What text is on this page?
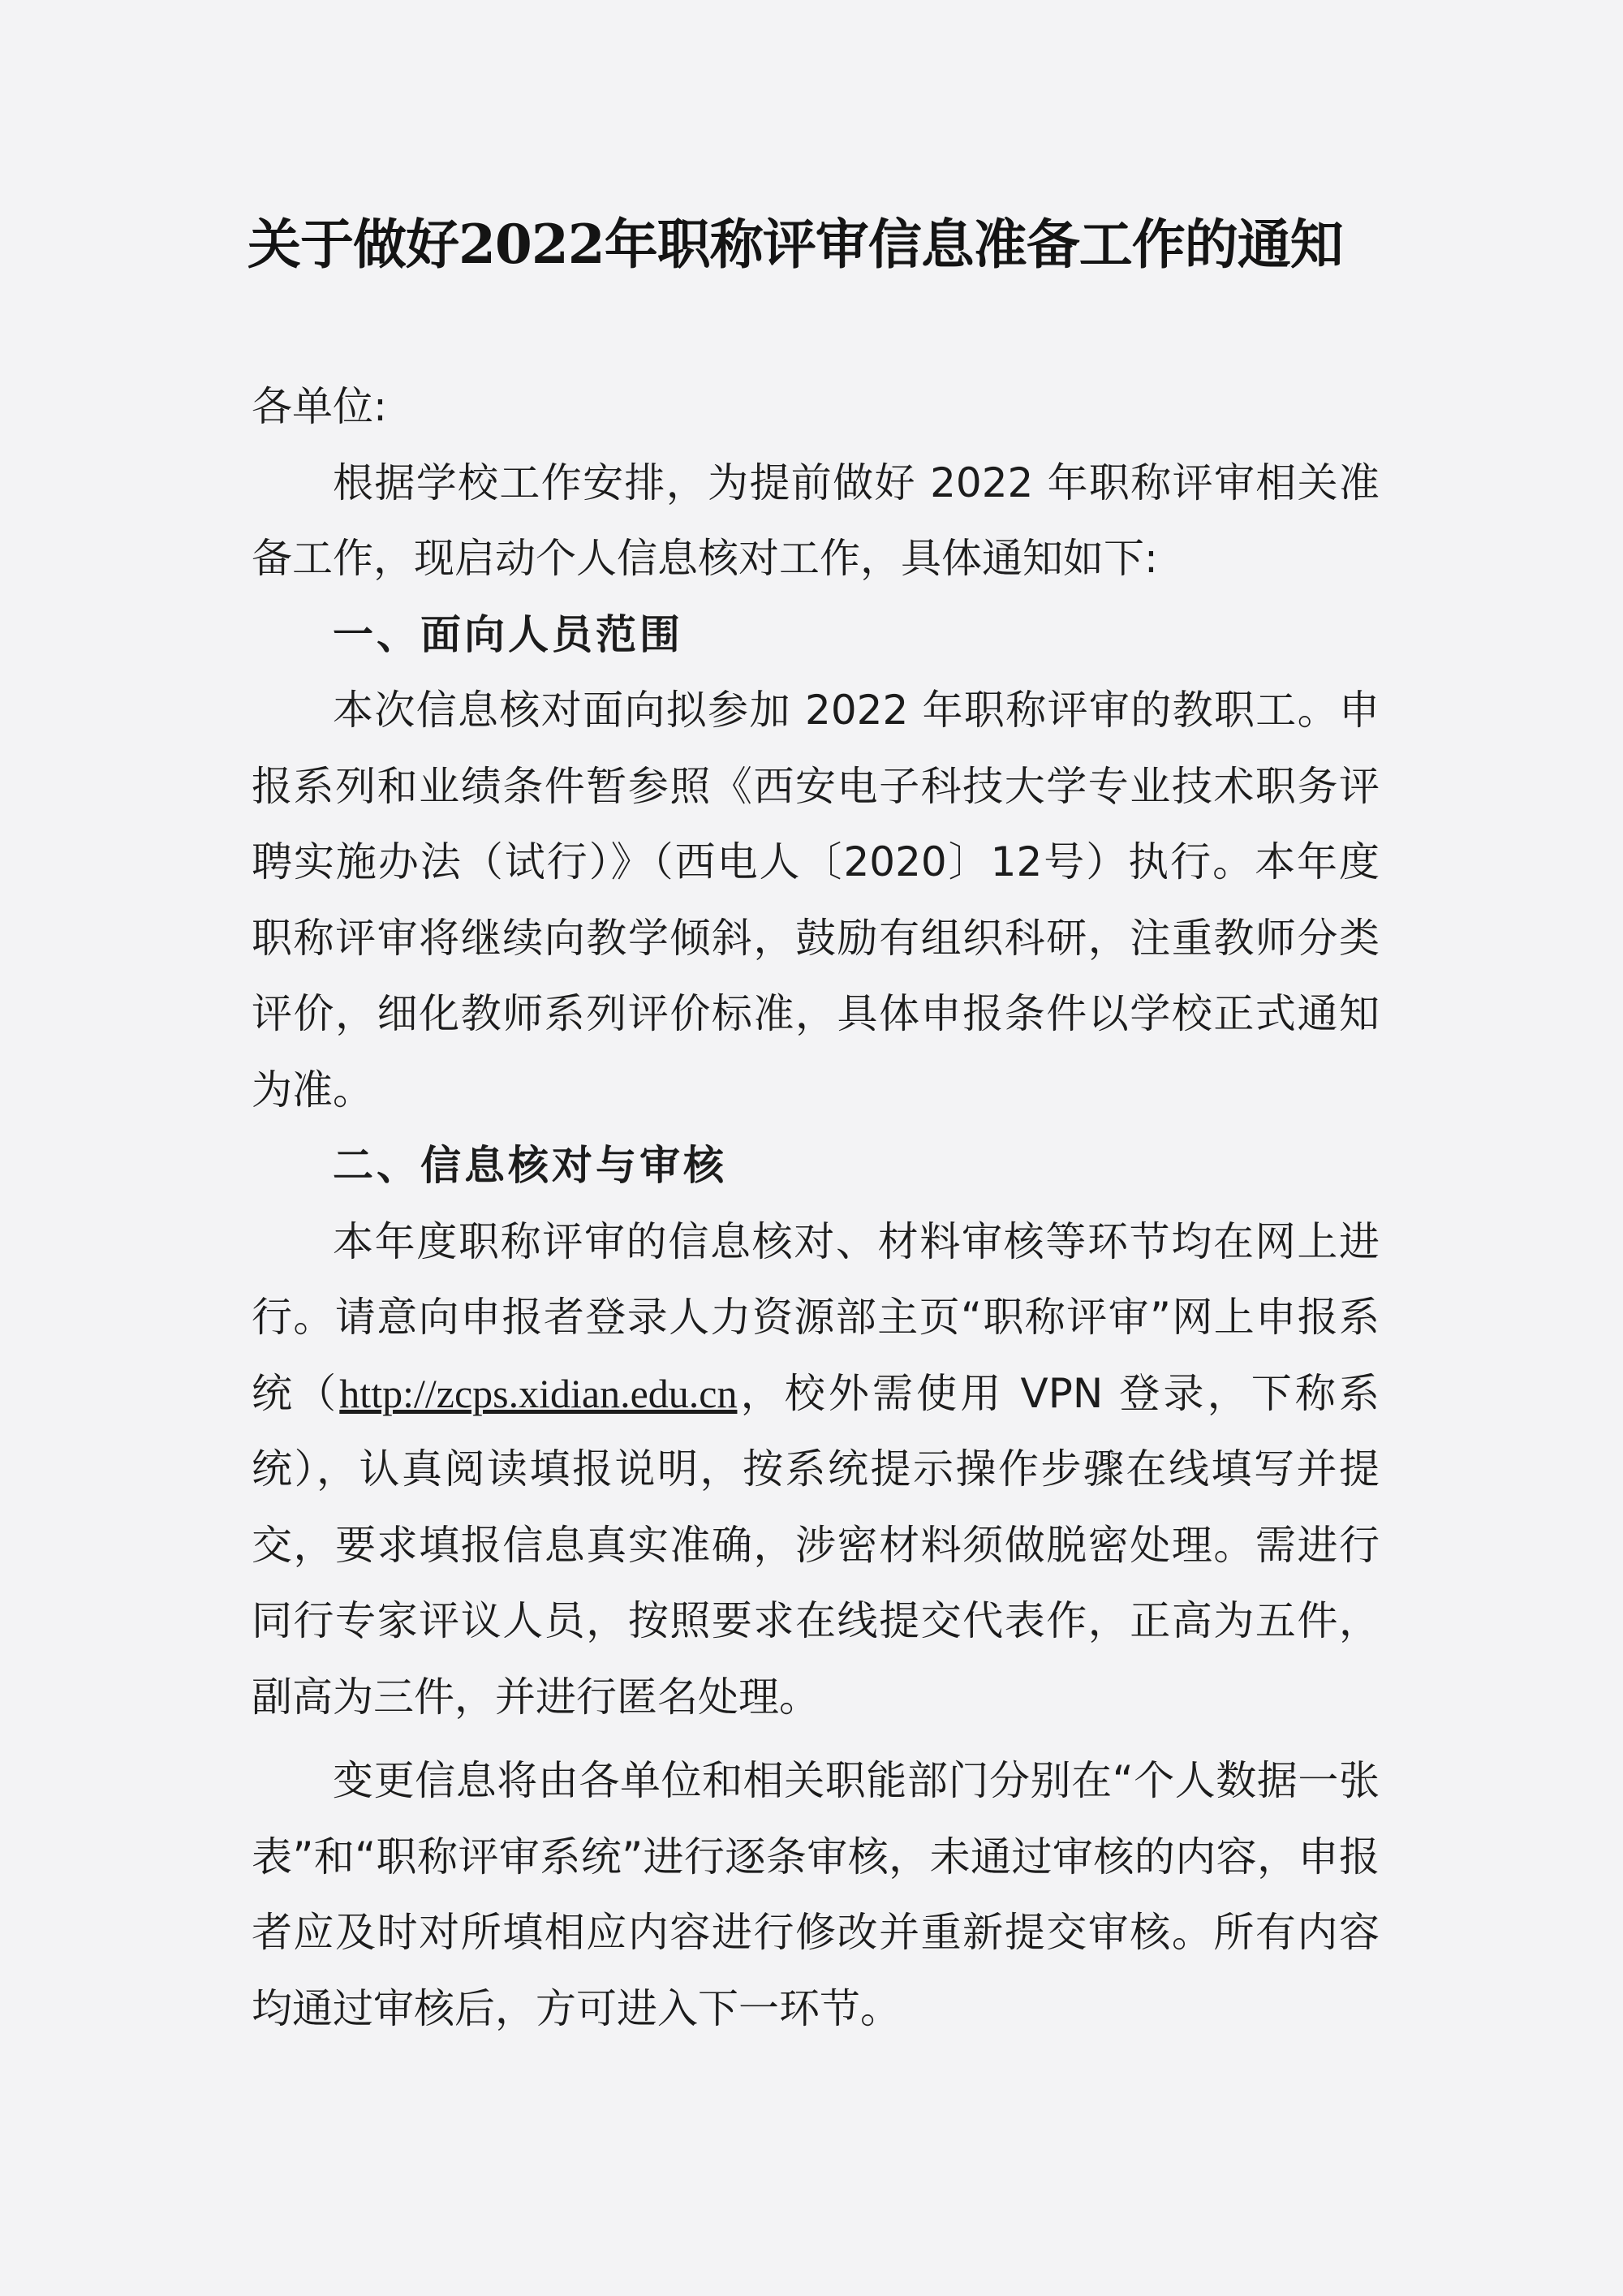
关于做好2022年职称评审信息准备工作的通知

各单位:

根据学校工作安排，为提前做好 2022 年职称评审相关准备工作，现启动个人信息核对工作，具体通知如下:

一、面向人员范围

本次信息核对面向拟参加 2022 年职称评审的教职工。申报系列和业绩条件暂参照《西安电子科技大学专业技术职务评聘实施办法（试行）》（西电人〔2020〕12号）执行。本年度职称评审将继续向教学倾斜，鼓励有组织科研，注重教师分类评价，细化教师系列评价标准，具体申报条件以学校正式通知为准。

二、信息核对与审核

本年度职称评审的信息核对、材料审核等环节均在网上进行。请意向申报者登录人力资源部主页“职称评审”网上申报系统（http://zcps.xidian.edu.cn，校外需使用 VPN 登录，下称系统），认真阅读填报说明，按系统提示操作步骤在线填写并提交，要求填报信息真实准确，涉密材料须做脱密处理。需进行同行专家评议人员，按照要求在线提交代表作，正高为五件，副高为三件，并进行匿名处理。

变更信息将由各单位和相关职能部门分别在“个人数据一张表”和“职称评审系统”进行逐条审核，未通过审核的内容，申报者应及时对所填相应内容进行修改并重新提交审核。所有内容均通过审核后，方可进入下一环节。
